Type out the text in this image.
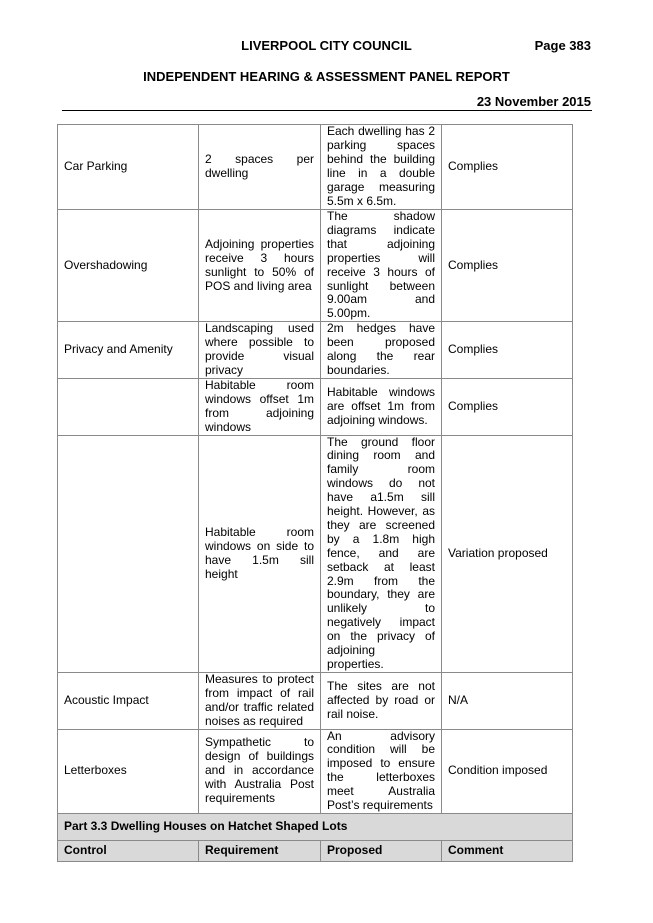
LIVERPOOL CITY COUNCIL	Page 383
INDEPENDENT HEARING & ASSESSMENT PANEL REPORT
23 November 2015
Car Parking	2 spaces per dwelling	Each dwelling has 2 parking spaces behind the building line in a double garage measuring 5.5m x 6.5m.	Complies
Overshadowing	Adjoining properties receive 3 hours sunlight to 50% of POS and living area	The shadow diagrams indicate that adjoining properties will receive 3 hours of sunlight between 9.00am and 5.00pm.	Complies
Privacy and Amenity	Landscaping used where possible to provide visual privacy	2m hedges have been proposed along the rear boundaries.	Complies
	Habitable room windows offset 1m from adjoining windows	Habitable windows are offset 1m from adjoining windows.	Complies
	Habitable room windows on side to have 1.5m sill height	The ground floor dining room and family room windows do not have a1.5m sill height. However, as they are screened by a 1.8m high fence, and are setback at least 2.9m from the boundary, they are unlikely to negatively impact on the privacy of adjoining properties.	Variation proposed
Acoustic Impact	Measures to protect from impact of rail and/or traffic related noises as required	The sites are not affected by road or rail noise.	N/A
Letterboxes	Sympathetic to design of buildings and in accordance with Australia Post requirements	An advisory condition will be imposed to ensure the letterboxes meet Australia Post’s requirements	Condition imposed
Part 3.3 Dwelling Houses on Hatchet Shaped Lots			
Control	Requirement	Proposed	Comment
